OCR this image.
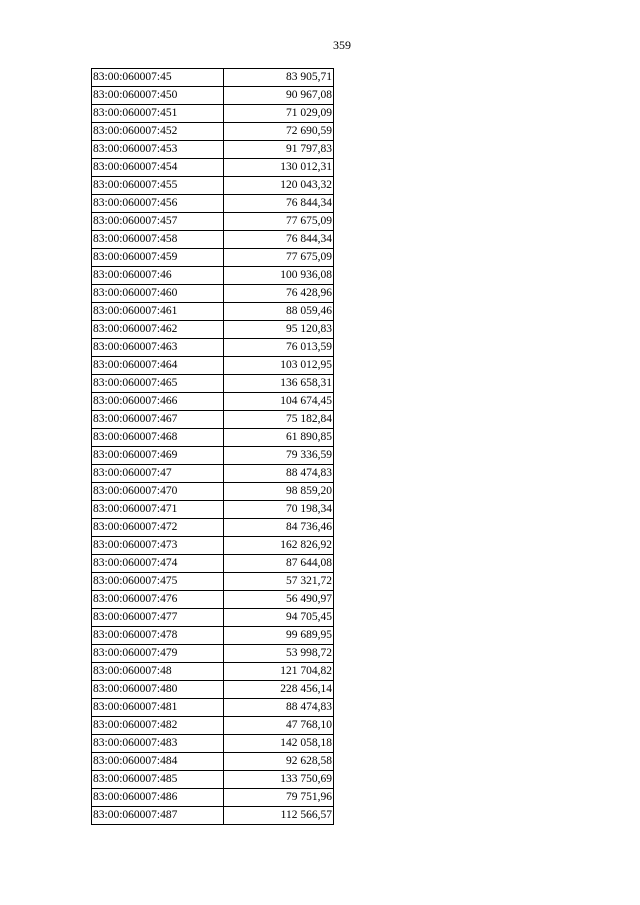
359
83:00:060007:45	83 905,71
83:00:060007:450	90 967,08
83:00:060007:451	71 029,09
83:00:060007:452	72 690,59
83:00:060007:453	91 797,83
83:00:060007:454	130 012,31
83:00:060007:455	120 043,32
83:00:060007:456	76 844,34
83:00:060007:457	77 675,09
83:00:060007:458	76 844,34
83:00:060007:459	77 675,09
83:00:060007:46	100 936,08
83:00:060007:460	76 428,96
83:00:060007:461	88 059,46
83:00:060007:462	95 120,83
83:00:060007:463	76 013,59
83:00:060007:464	103 012,95
83:00:060007:465	136 658,31
83:00:060007:466	104 674,45
83:00:060007:467	75 182,84
83:00:060007:468	61 890,85
83:00:060007:469	79 336,59
83:00:060007:47	88 474,83
83:00:060007:470	98 859,20
83:00:060007:471	70 198,34
83:00:060007:472	84 736,46
83:00:060007:473	162 826,92
83:00:060007:474	87 644,08
83:00:060007:475	57 321,72
83:00:060007:476	56 490,97
83:00:060007:477	94 705,45
83:00:060007:478	99 689,95
83:00:060007:479	53 998,72
83:00:060007:48	121 704,82
83:00:060007:480	228 456,14
83:00:060007:481	88 474,83
83:00:060007:482	47 768,10
83:00:060007:483	142 058,18
83:00:060007:484	92 628,58
83:00:060007:485	133 750,69
83:00:060007:486	79 751,96
83:00:060007:487	112 566,57
